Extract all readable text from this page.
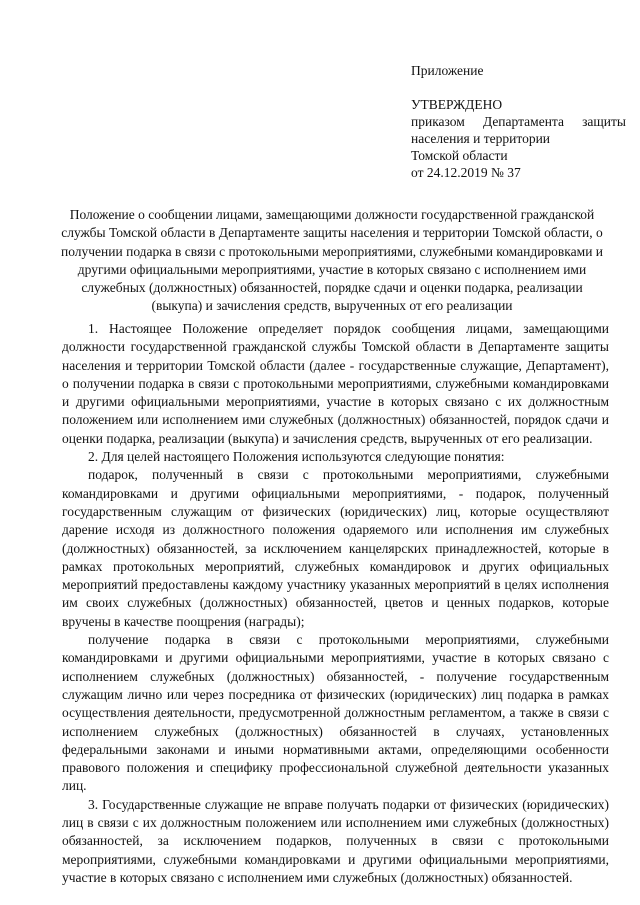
Приложение
УТВЕРЖДЕНО
приказом Департамента защиты
населения и территории
Томской области
от 24.12.2019 № 37
Положение о сообщении лицами, замещающими должности государственной гражданской службы Томской области в Департаменте защиты населения и территории Томской области, о получении подарка в связи с протокольными мероприятиями, служебными командировками и другими официальными мероприятиями, участие в которых связано с исполнением ими служебных (должностных) обязанностей, порядке сдачи и оценки подарка, реализации (выкупа) и зачисления средств, вырученных от его реализации

1. Настоящее Положение определяет порядок сообщения лицами, замещающими должности государственной гражданской службы Томской области в Департаменте защиты населения и территории Томской области (далее - государственные служащие, Департамент), о получении подарка в связи с протокольными мероприятиями, служебными командировками и другими официальными мероприятиями, участие в которых связано с их должностным положением или исполнением ими служебных (должностных) обязанностей, порядок сдачи и оценки подарка, реализации (выкупа) и зачисления средств, вырученных от его реализации.

2. Для целей настоящего Положения используются следующие понятия:

подарок, полученный в связи с протокольными мероприятиями, служебными командировками и другими официальными мероприятиями, - подарок, полученный государственным служащим от физических (юридических) лиц, которые осуществляют дарение исходя из должностного положения одаряемого или исполнения им служебных (должностных) обязанностей, за исключением канцелярских принадлежностей, которые в рамках протокольных мероприятий, служебных командировок и других официальных мероприятий предоставлены каждому участнику указанных мероприятий в целях исполнения им своих служебных (должностных) обязанностей, цветов и ценных подарков, которые вручены в качестве поощрения (награды);

получение подарка в связи с протокольными мероприятиями, служебными командировками и другими официальными мероприятиями, участие в которых связано с исполнением служебных (должностных) обязанностей, - получение государственным служащим лично или через посредника от физических (юридических) лиц подарка в рамках осуществления деятельности, предусмотренной должностным регламентом, а также в связи с исполнением служебных (должностных) обязанностей в случаях, установленных федеральными законами и иными нормативными актами, определяющими особенности правового положения и специфику профессиональной служебной деятельности указанных лиц.

3. Государственные служащие не вправе получать подарки от физических (юридических) лиц в связи с их должностным положением или исполнением ими служебных (должностных) обязанностей, за исключением подарков, полученных в связи с протокольными мероприятиями, служебными командировками и другими официальными мероприятиями, участие в которых связано с исполнением ими служебных (должностных) обязанностей.
